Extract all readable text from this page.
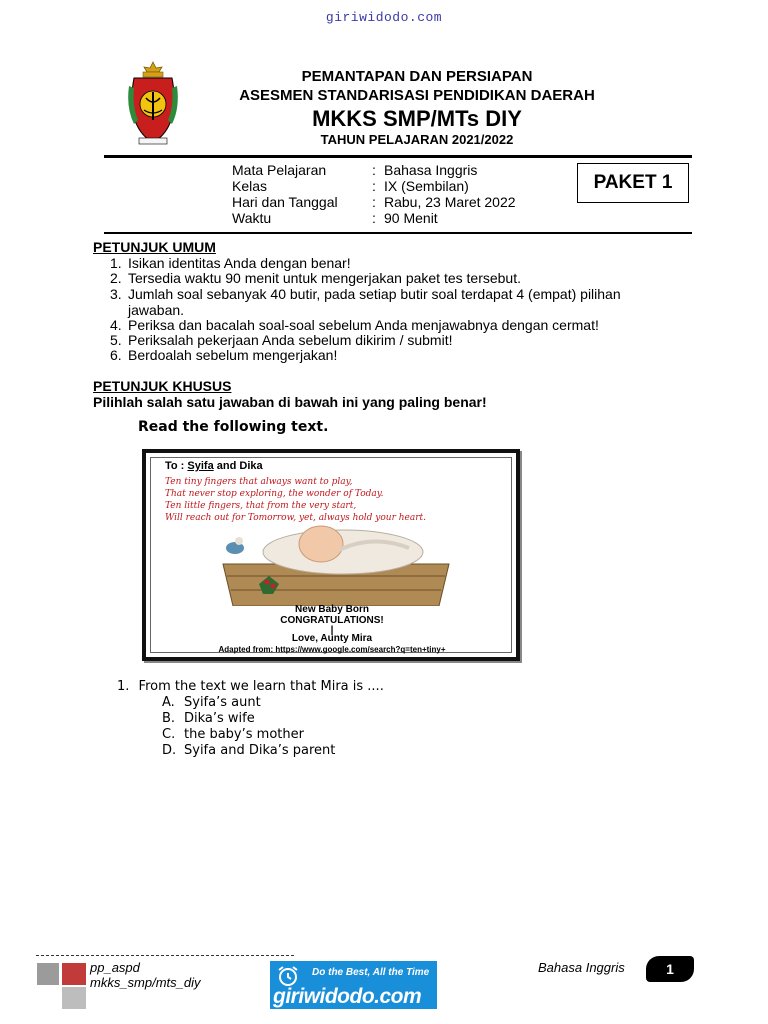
giriwidodo.com
PEMANTAPAN DAN PERSIAPAN
ASESMEN STANDARISASI PENDIDIKAN DAERAH
MKKS SMP/MTs DIY
TAHUN PELAJARAN 2021/2022
Mata Pelajaran	: Bahasa Inggris
Kelas	: IX (Sembilan)
Hari dan Tanggal	: Rabu, 23 Maret 2022
Waktu	: 90 Menit
PAKET 1
PETUNJUK UMUM
1. Isikan identitas Anda dengan benar!
2. Tersedia waktu 90 menit untuk mengerjakan paket tes tersebut.
3. Jumlah soal sebanyak 40 butir, pada setiap butir soal terdapat 4 (empat) pilihan jawaban.
4. Periksa dan bacalah soal-soal sebelum Anda menjawabnya dengan cermat!
5. Periksalah pekerjaan Anda sebelum dikirim / submit!
6. Berdoalah sebelum mengerjakan!
PETUNJUK KHUSUS
Pilihlah salah satu jawaban di bawah ini yang paling benar!
Read the following text.
To : Syifa and Dika
Ten tiny fingers that always want to play,
That never stop exploring, the wonder of Today.
Ten little fingers, that from the very start,
Will reach out for Tomorrow, yet, always hold your heart.
New Baby Born
CONGRATULATIONS!
|
Love, Aunty Mira
Adapted from: https://www.google.com/search?q=ten+tiny+
1. From the text we learn that Mira is ....
A. Syifa’s aunt
B. Dika’s wife
C. the baby’s mother
D. Syifa and Dika’s parent
pp_aspd
mkks_smp/mts_diy
Do the Best, All the Time
giriwidodo.com
Bahasa Inggris	1
